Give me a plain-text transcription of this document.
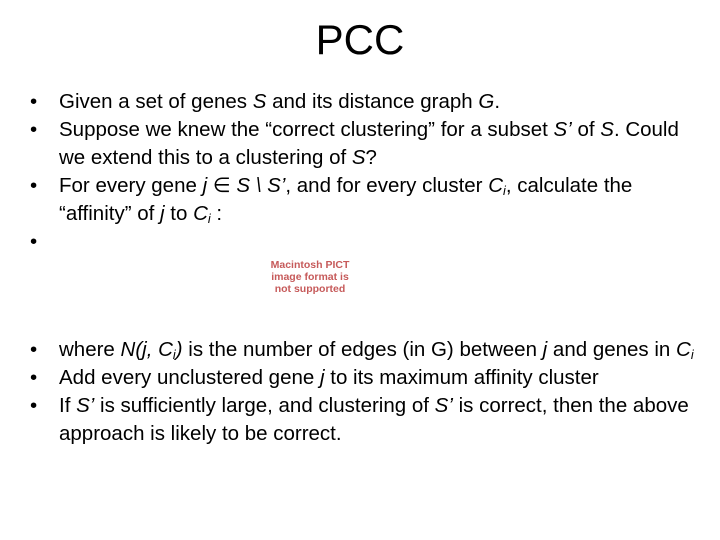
PCC
• Given a set of genes S and its distance graph G.
• Suppose we knew the “correct clustering” for a subset S’ of S. Could we extend this to a clustering of S?
• For every gene j ∈ S \ S’, and for every cluster $C_i$, calculate the “affinity” of j to $C_i$ :
•
• where N(j, $C_i$) is the number of edges (in G) between j and genes in $C_i$
• Add every unclustered gene j to its maximum affinity cluster
• If S’ is sufficiently large, and clustering of S’ is correct, then the above approach is likely to be correct.
Macintosh PICT image format is not supported
